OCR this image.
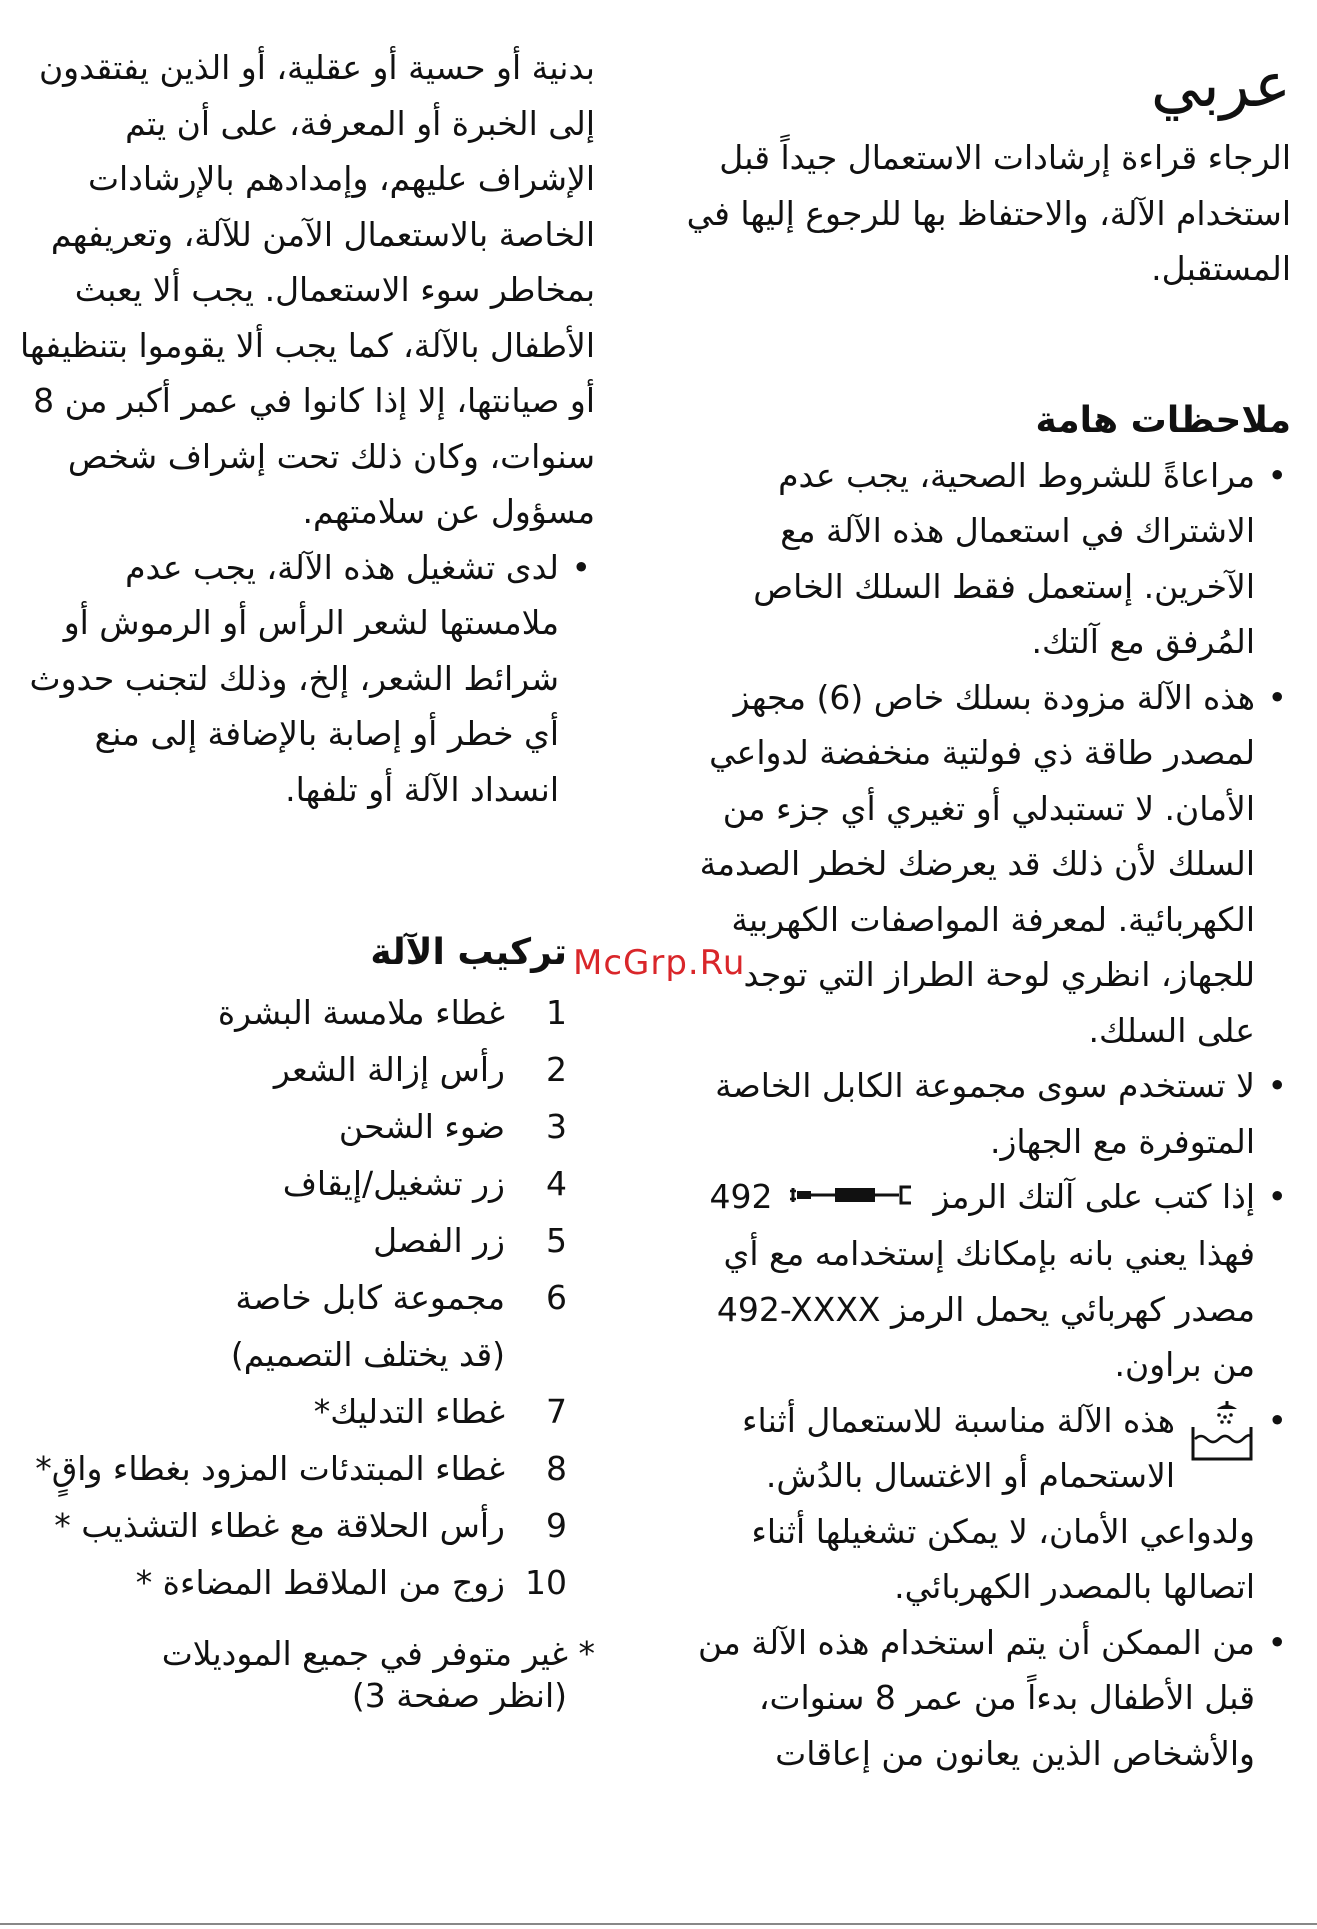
عربي

الرجاء قراءة إرشادات الاستعمال جيداً قبل استخدام الآلة، والاحتفاظ بها للرجوع إليها في المستقبل.

ملاحظات هامة
• مراعاةً للشروط الصحية، يجب عدم الاشتراك في استعمال هذه الآلة مع الآخرين. إستعمل فقط السلك الخاص المُرفق مع آلتك.
• هذه الآلة مزودة بسلك خاص (6) مجهز لمصدر طاقة ذي فولتية منخفضة لدواعي الأمان. لا تستبدلي أو تغيري أي جزء من السلك لأن ذلك قد يعرضك لخطر الصدمة الكهربائية. لمعرفة المواصفات الكهربية للجهاز، انظري لوحة الطراز التي توجد على السلك.
• لا تستخدم سوى مجموعة الكابل الخاصة المتوفرة مع الجهاز.
• إذا كتب على آلتك الرمز  492 فهذا يعني بانه بإمكانك إستخدامه مع أي مصدر كهربائي يحمل الرمز 492-XXXX من براون.
• هذه الآلة مناسبة للاستعمال أثناء الاستحمام أو الاغتسال بالدُش. ولدواعي الأمان، لا يمكن تشغيلها أثناء اتصالها بالمصدر الكهربائي.
• من الممكن أن يتم استخدام هذه الآلة من قبل الأطفال بدءاً من عمر 8 سنوات، والأشخاص الذين يعانون من إعاقات

بدنية أو حسية أو عقلية، أو الذين يفتقدون إلى الخبرة أو المعرفة، على أن يتم الإشراف عليهم، وإمدادهم بالإرشادات الخاصة بالاستعمال الآمن للآلة، وتعريفهم بمخاطر سوء الاستعمال. يجب ألا يعبث الأطفال بالآلة، كما يجب ألا يقوموا بتنظيفها أو صيانتها، إلا إذا كانوا في عمر أكبر من 8 سنوات، وكان ذلك تحت إشراف شخص مسؤول عن سلامتهم.

• لدى تشغيل هذه الآلة، يجب عدم ملامستها لشعر الرأس أو الرموش أو شرائط الشعر، إلخ، وذلك لتجنب حدوث أي خطر أو إصابة بالإضافة إلى منع انسداد الآلة أو تلفها.
تركيب الآلة
1
غطاء ملامسة البشرة
2
رأس إزالة الشعر
3
ضوء الشحن
4
زر تشغيل/إيقاف
5
زر الفصل
6
مجموعة كابل خاصة
(قد يختلف التصميم)
7
غطاء التدليك*
8
غطاء المبتدئات المزود بغطاء واقٍ*
9
رأس الحلاقة مع غطاء التشذيب *
10
زوج من الملاقط المضاءة *
* غير متوفر في جميع الموديلات
(انظر صفحة 3)
McGrp.Ru
